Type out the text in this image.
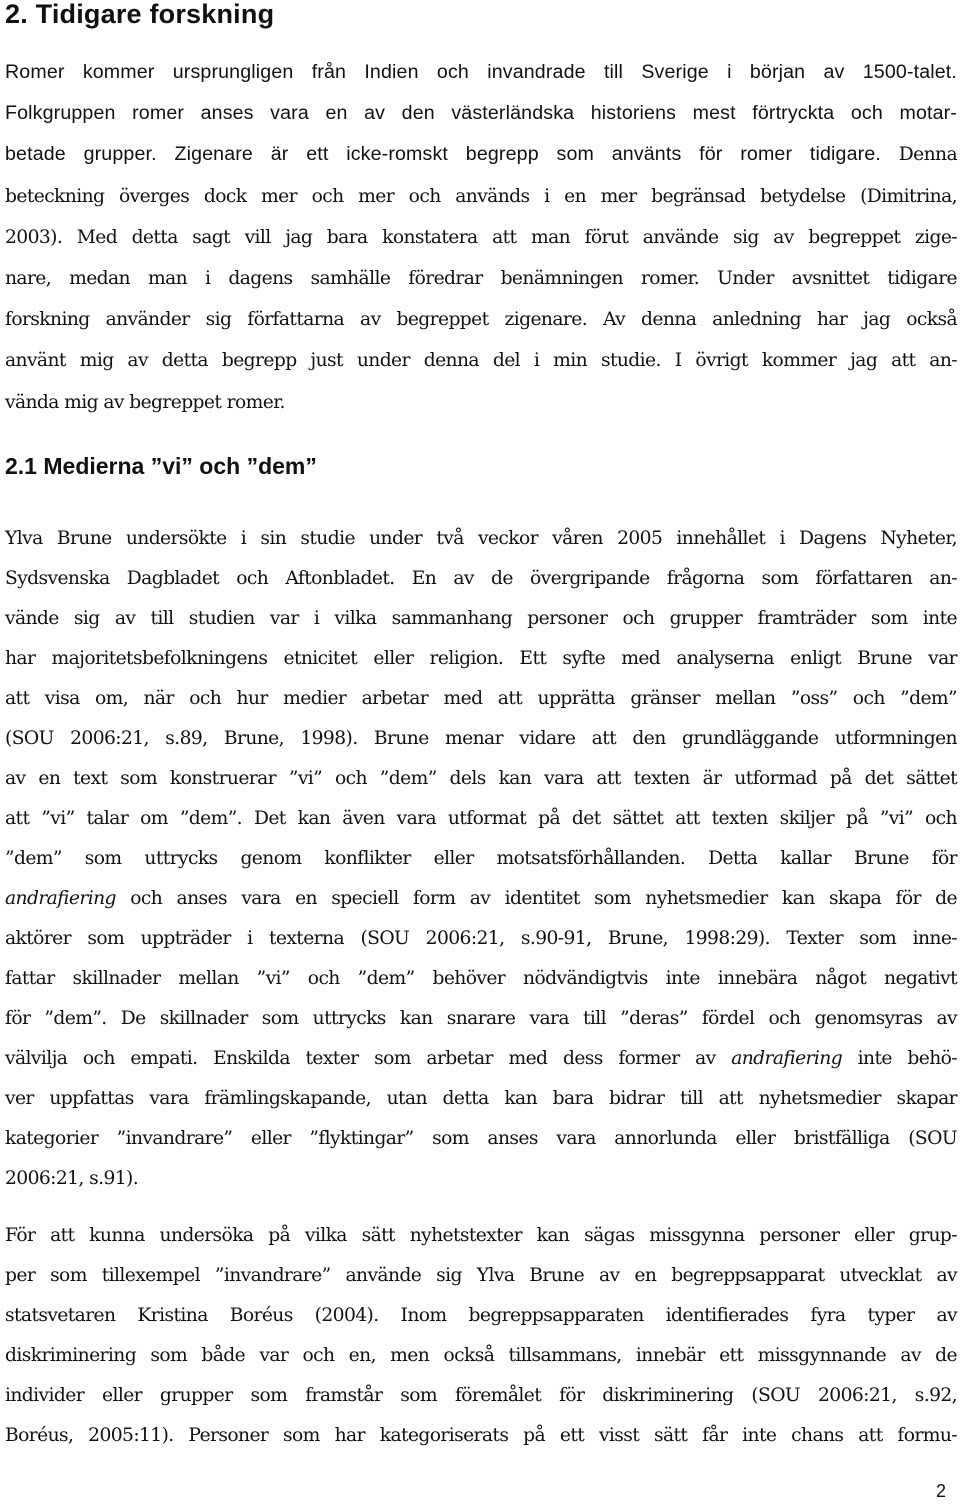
2. Tidigare forskning
Romer kommer ursprungligen från Indien och invandrade till Sverige i början av 1500-talet.
Folkgruppen romer anses vara en av den västerländska historiens mest förtryckta och motar-
betade grupper. Zigenare är ett icke-romskt begrepp som använts för romer tidigare. Denna
beteckning överges dock mer och mer och används i en mer begränsad betydelse (Dimitrina,
2003). Med detta sagt vill jag bara konstatera att man förut använde sig av begreppet zige-
nare, medan man i dagens samhälle föredrar benämningen romer. Under avsnittet tidigare
forskning använder sig författarna av begreppet zigenare. Av denna anledning har jag också
använt mig av detta begrepp just under denna del i min studie. I övrigt kommer jag att an-
vända mig av begreppet romer.
2.1 Medierna ”vi” och ”dem”
Ylva Brune undersökte i sin studie under två veckor våren 2005 innehållet i Dagens Nyheter,
Sydsvenska Dagbladet och Aftonbladet. En av de övergripande frågorna som författaren an-
vände sig av till studien var i vilka sammanhang personer och grupper framträder som inte
har majoritetsbefolkningens etnicitet eller religion. Ett syfte med analyserna enligt Brune var
att visa om, när och hur medier arbetar med att upprätta gränser mellan ”oss” och ”dem”
(SOU 2006:21, s.89, Brune, 1998). Brune menar vidare att den grundläggande utformningen
av en text som konstruerar ”vi” och ”dem” dels kan vara att texten är utformad på det sättet
att ”vi” talar om ”dem”. Det kan även vara utformat på det sättet att texten skiljer på ”vi” och
”dem” som uttrycks genom konflikter eller motsatsförhållanden. Detta kallar Brune för
andrafiering och anses vara en speciell form av identitet som nyhetsmedier kan skapa för de
aktörer som uppträder i texterna (SOU 2006:21, s.90-91, Brune, 1998:29). Texter som inne-
fattar skillnader mellan ”vi” och ”dem” behöver nödvändigtvis inte innebära något negativt
för ”dem”. De skillnader som uttrycks kan snarare vara till ”deras” fördel och genomsyras av
välvilja och empati. Enskilda texter som arbetar med dess former av andrafiering inte behö-
ver uppfattas vara främlingskapande, utan detta kan bara bidrar till att nyhetsmedier skapar
kategorier ”invandrare” eller ”flyktingar” som anses vara annorlunda eller bristfälliga (SOU
2006:21, s.91).
För att kunna undersöka på vilka sätt nyhetstexter kan sägas missgynna personer eller grup-
per som tillexempel ”invandrare” använde sig Ylva Brune av en begreppsapparat utvecklat av
statsvetaren Kristina Boréus (2004). Inom begreppsapparaten identifierades fyra typer av
diskriminering som både var och en, men också tillsammans, innebär ett missgynnande av de
individer eller grupper som framstår som föremålet för diskriminering (SOU 2006:21, s.92,
Boréus, 2005:11). Personer som har kategoriserats på ett visst sätt får inte chans att formu-
2
